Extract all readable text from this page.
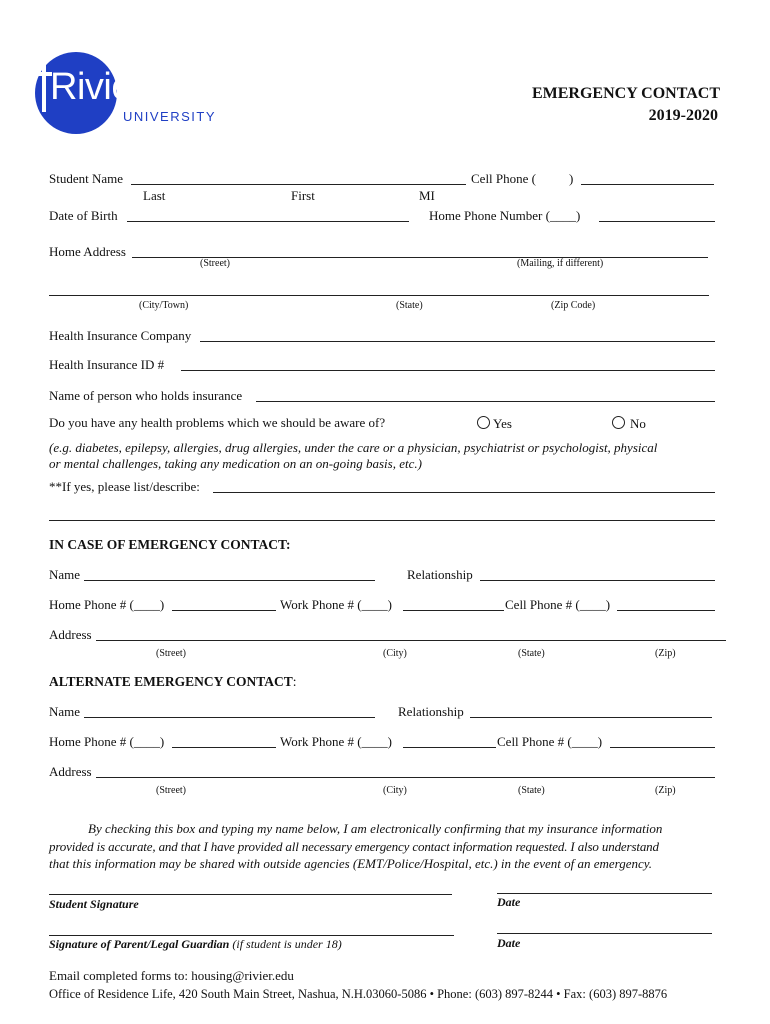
Rivier
UNIVERSITY
EMERGENCY CONTACT
2019-2020
Student Name	Cell Phone (	)
Last	First	MI
Date of Birth	Home Phone Number (____)
Home Address
(Street)	(Mailing, if different)
(City/Town)	(State)	(Zip Code)
Health Insurance Company
Health Insurance ID #
Name of person who holds insurance
Do you have any health problems which we should be aware of?	Yes	No
(e.g. diabetes, epilepsy, allergies, drug allergies, under the care or a physician, psychiatrist or psychologist, physical
or mental challenges, taking any medication on an on-going basis, etc.)
**If yes, please list/describe:
IN CASE OF EMERGENCY CONTACT:
Name	Relationship
Home Phone # (____)	Work Phone # (____)	Cell Phone # (____)
Address
(Street)	(City)	(State)	(Zip)
ALTERNATE EMERGENCY CONTACT:
Name	Relationship
Home Phone # (____)	Work Phone # (____)	Cell Phone # (____)
Address
(Street)	(City)	(State)	(Zip)
By checking this box and typing my name below, I am electronically confirming that my insurance information
provided is accurate, and that I have provided all necessary emergency contact information requested. I also understand
that this information may be shared with outside agencies (EMT/Police/Hospital, etc.) in the event of an emergency.
Student Signature	Date
Signature of Parent/Legal Guardian (if student is under 18)	Date
Email completed forms to: housing@rivier.edu
Office of Residence Life, 420 South Main Street, Nashua, N.H.03060-5086 • Phone: (603) 897-8244 • Fax: (603) 897-8876
